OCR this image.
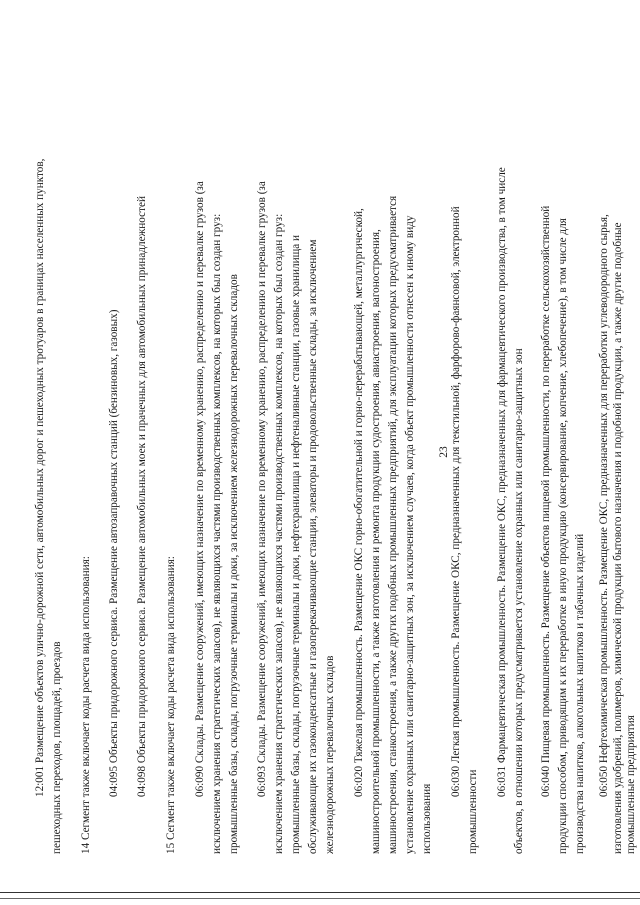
23
12:001 Размещение объектов улично-дорожной сети, автомобильных дорог и пешеходных тротуаров в границах населенных пунктов, пешеходных переходов, площадей, проездов 14 Сегмент также включает коды расчета вида использования: 04:095 Объекты придорожного сервиса. Размещение автозаправочных станций (бензиновых, газовых) 04:098 Объекты придорожного сервиса. Размещение автомобильных моек и прачечных для автомобильных принадлежностей 15 Сегмент также включает коды расчета вида использования: 06:090 Склады. Размещение сооружений, имеющих назначение по временному хранению, распределению и перевалке грузов (за исключением хранения стратегических запасов), не являющихся частями производственных комплексов, на которых был создан груз: промышленные базы, склады, погрузочные терминалы и доки, за исключением железнодорожных перевалочных складов 06:093 Склады. Размещение сооружений, имеющих назначение по временному хранению, распределению и перевалке грузов (за исключением хранения стратегических запасов), не являющихся частями производственных комплексов, на которых был создан груз: промышленные базы, склады, погрузочные терминалы и доки, нефтехранилища и нефтеналивные станции, газовые хранилища и обслуживающие их газоконденсатные и газоперекачивающие станции, элеваторы и продовольственные склады, за исключением железнодорожных перевалочных складов 06:020 Тяжелая промышленность. Размещение ОКС горно-обогатительной и горно-перерабатывающей, металлургической, машиностроительной промышленности, а также изготовления и ремонта продукции судостроения, авиастроения, вагоностроения, машиностроения, станкостроения, а также других подобных промышленных предприятий, для эксплуатации которых предусматривается установление охранных или санитарно-защитных зон, за исключением случаев, когда объект промышленности отнесен к иному виду использования
06:030 Легкая промышленность. Размещение ОКС, предназначенных для текстильной, фарфорово-фаянсовой, электронной
промышленности
06:031 Фармацевтическая промышленность. Размещение ОКС, предназначенных для фармацевтического производства, в том числе объектов, в отношении которых предусматривается установление охранных или санитарно-защитных зон 06:040 Пищевая промышленность. Размещение объектов пищевой промышленности, по переработке сельскохозяйственной продукции способом, приводящим к их переработке в иную продукцию (консервирование, копчение, хлебопечение), в том числе для производства напитков, алкогольных напитков и табачных изделий 06:050 Нефтехимическая промышленность. Размещение ОКС, предназначенных для переработки углеводородного сырья, изготовления удобрений, полимеров, химической продукции бытового назначения и подобной продукции, а также другие подобные промышленные предприятия
